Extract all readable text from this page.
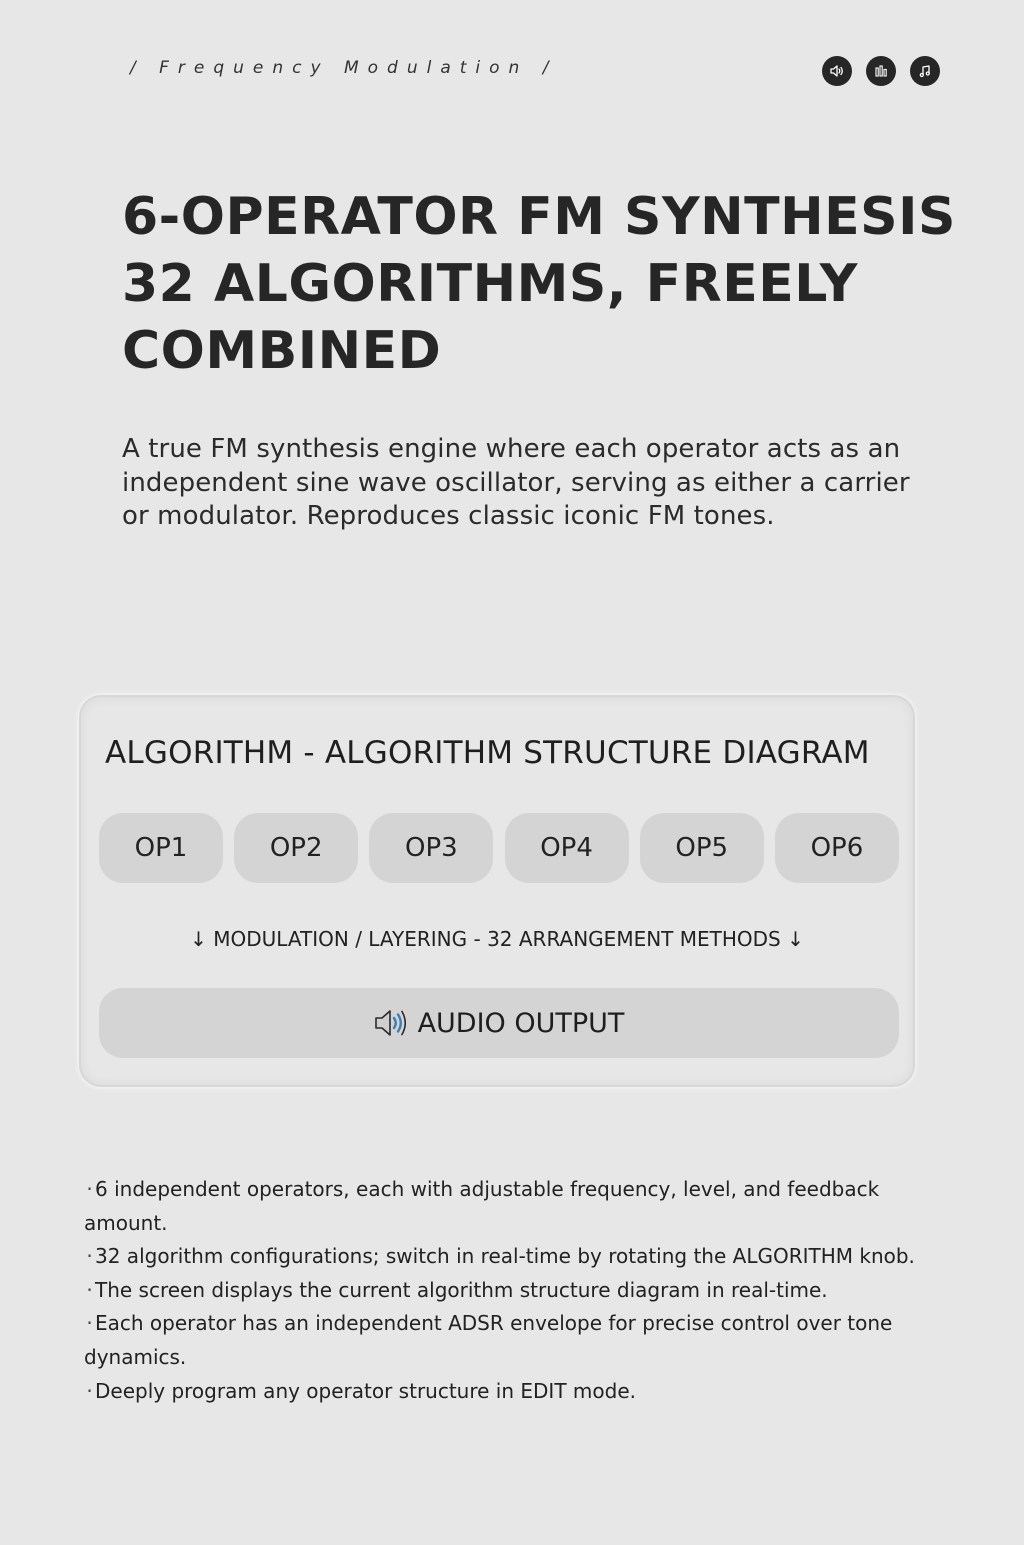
/ Frequency Modulation /
6-OPERATOR FM SYNTHESIS
32 ALGORITHMS, FREELY
COMBINED

A true FM synthesis engine where each operator acts as an
independent sine wave oscillator, serving as either a carrier
or modulator. Reproduces classic iconic FM tones.

ALGORITHM - ALGORITHM STRUCTURE DIAGRAM
OP1	OP2	OP3	OP4	OP5	OP6
↓ MODULATION / LAYERING - 32 ARRANGEMENT METHODS ↓
AUDIO OUTPUT
· 6 independent operators, each with adjustable frequency, level, and feedback amount.
· 32 algorithm configurations; switch in real-time by rotating the ALGORITHM knob.
· The screen displays the current algorithm structure diagram in real-time.
· Each operator has an independent ADSR envelope for precise control over tone dynamics.
· Deeply program any operator structure in EDIT mode.
